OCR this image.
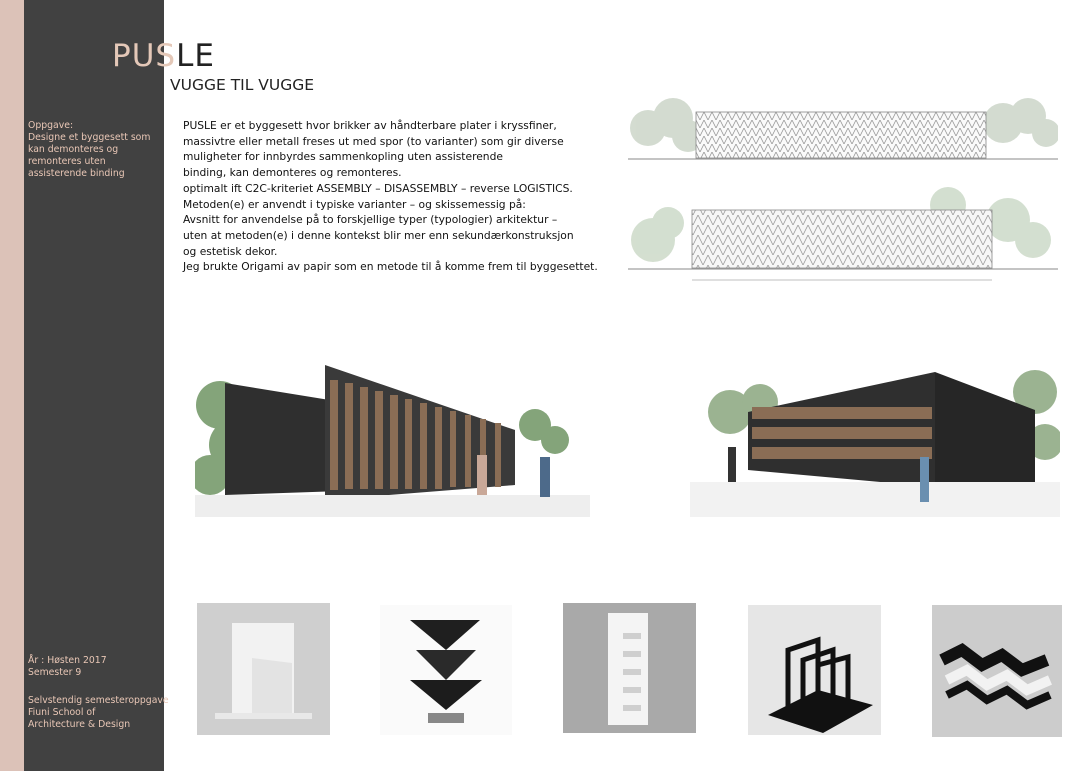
Oppgave:
Designe et byggesett som kan demonteres og remonteres uten assisterende binding
År : Høsten 2017
Semester 9
Selvstendig semesteroppgave
Fiuni School of
Architecture & Design
PUSLE
VUGGE TIL VUGGE
PUSLE er et byggesett hvor brikker av håndterbare plater i kryssfiner,
massivtre eller metall freses ut med spor (to varianter) som gir diverse
muligheter for innbyrdes sammenkopling uten assisterende
binding, kan demonteres og remonteres.
optimalt ift C2C-kriteriet ASSEMBLY – DISASSEMBLY – reverse LOGISTICS.
Metoden(e) er anvendt i typiske varianter – og skissemessig på:
Avsnitt for anvendelse på to forskjellige typer (typologier) arkitektur –
uten at metoden(e) i denne kontekst blir mer enn sekundærkonstruksjon
og estetisk dekor.
Jeg brukte Origami av papir som en metode til å komme frem til byggesettet.
